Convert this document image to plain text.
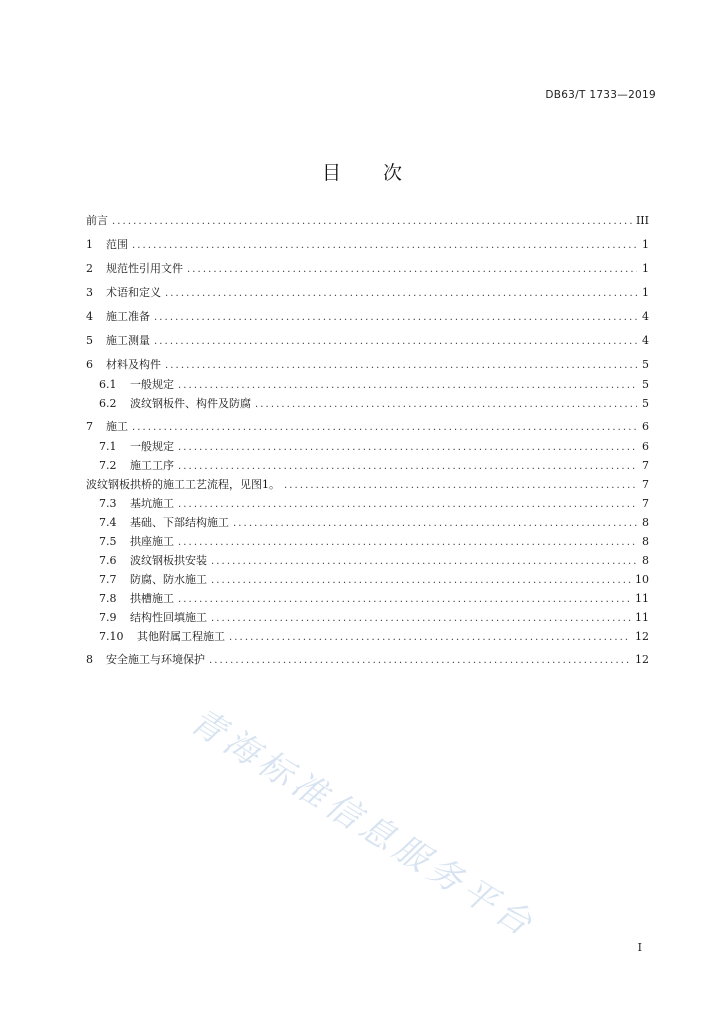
DB63/T 1733—2019
目 次
前言 .....	III
1	范围 .....	1
2	规范性引用文件 .....	1
3	术语和定义 .....	1
4	施工准备 .....	4
5	施工测量 .....	4
6	材料及构件 .....	5
6.1	一般规定 .....	5
6.2	波纹钢板件、构件及防腐 .....	5
7	施工 .....	6
7.1	一般规定 .....	6
7.2	施工工序 .....	7
波纹钢板拱桥的施工工艺流程，见图1。 .....	7
7.3	基坑施工 .....	7
7.4	基础、下部结构施工 .....	8
7.5	拱座施工 .....	8
7.6	波纹钢板拱安装 .....	8
7.7	防腐、防水施工 .....	10
7.8	拱槽施工 .....	11
7.9	结构性回填施工 .....	11
7.10	其他附属工程施工 .....	12
8	安全施工与环境保护 .....	12
青海标准信息服务平台
I
